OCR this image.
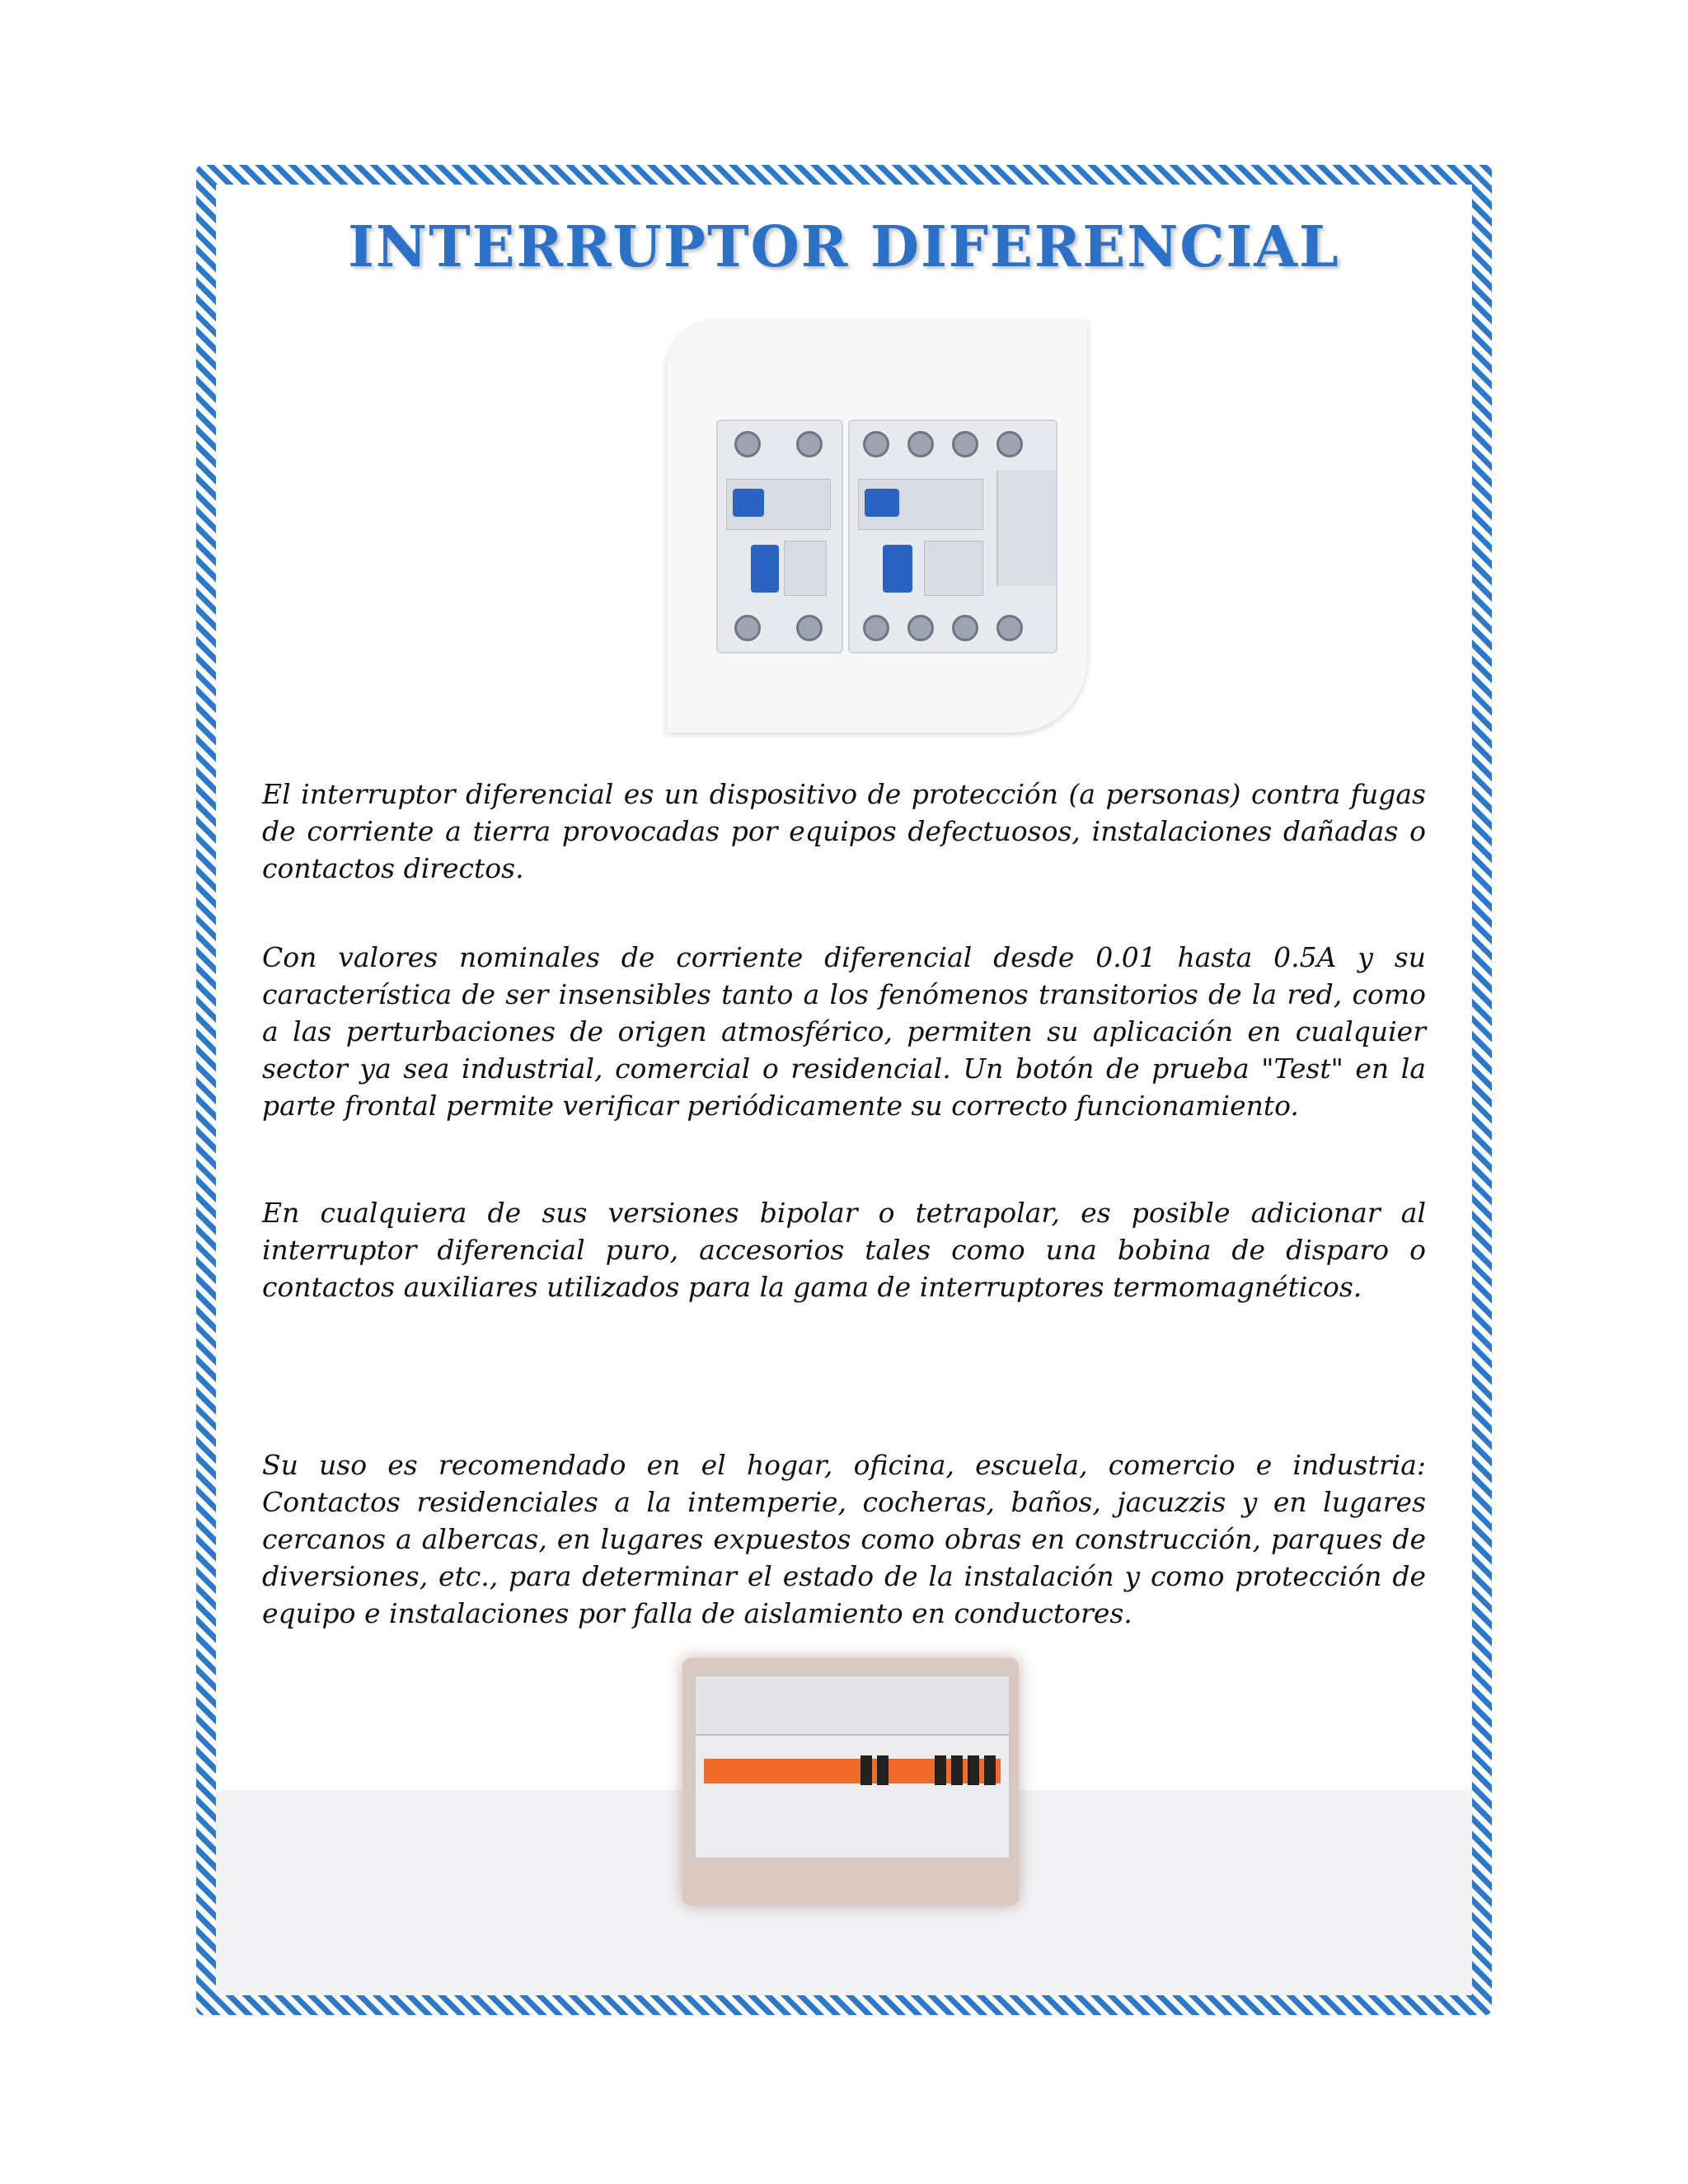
INTERRUPTOR DIFERENCIAL

El interruptor diferencial es un dispositivo de protección (a personas) contra fugas de corriente a tierra provocadas por equipos defectuosos, instalaciones dañadas o contactos directos.

Con valores nominales de corriente diferencial desde 0.01 hasta 0.5A y su característica de ser insensibles tanto a los fenómenos transitorios de la red, como a las perturbaciones de origen atmosférico, permiten su aplicación en cualquier sector ya sea industrial, comercial o residencial. Un botón de prueba "Test" en la parte frontal permite verificar periódicamente su correcto funcionamiento.

En cualquiera de sus versiones bipolar o tetrapolar, es posible adicionar al interruptor diferencial puro, accesorios tales como una bobina de disparo o contactos auxiliares utilizados para la gama de interruptores termomagnéticos.

Su uso es recomendado en el hogar, oficina, escuela, comercio e industria: Contactos residenciales a la intemperie, cocheras, baños, jacuzzis y en lugares cercanos a albercas, en lugares expuestos como obras en construcción, parques de diversiones, etc., para determinar el estado de la instalación y como protección de equipo e instalaciones por falla de aislamiento en conductores.
